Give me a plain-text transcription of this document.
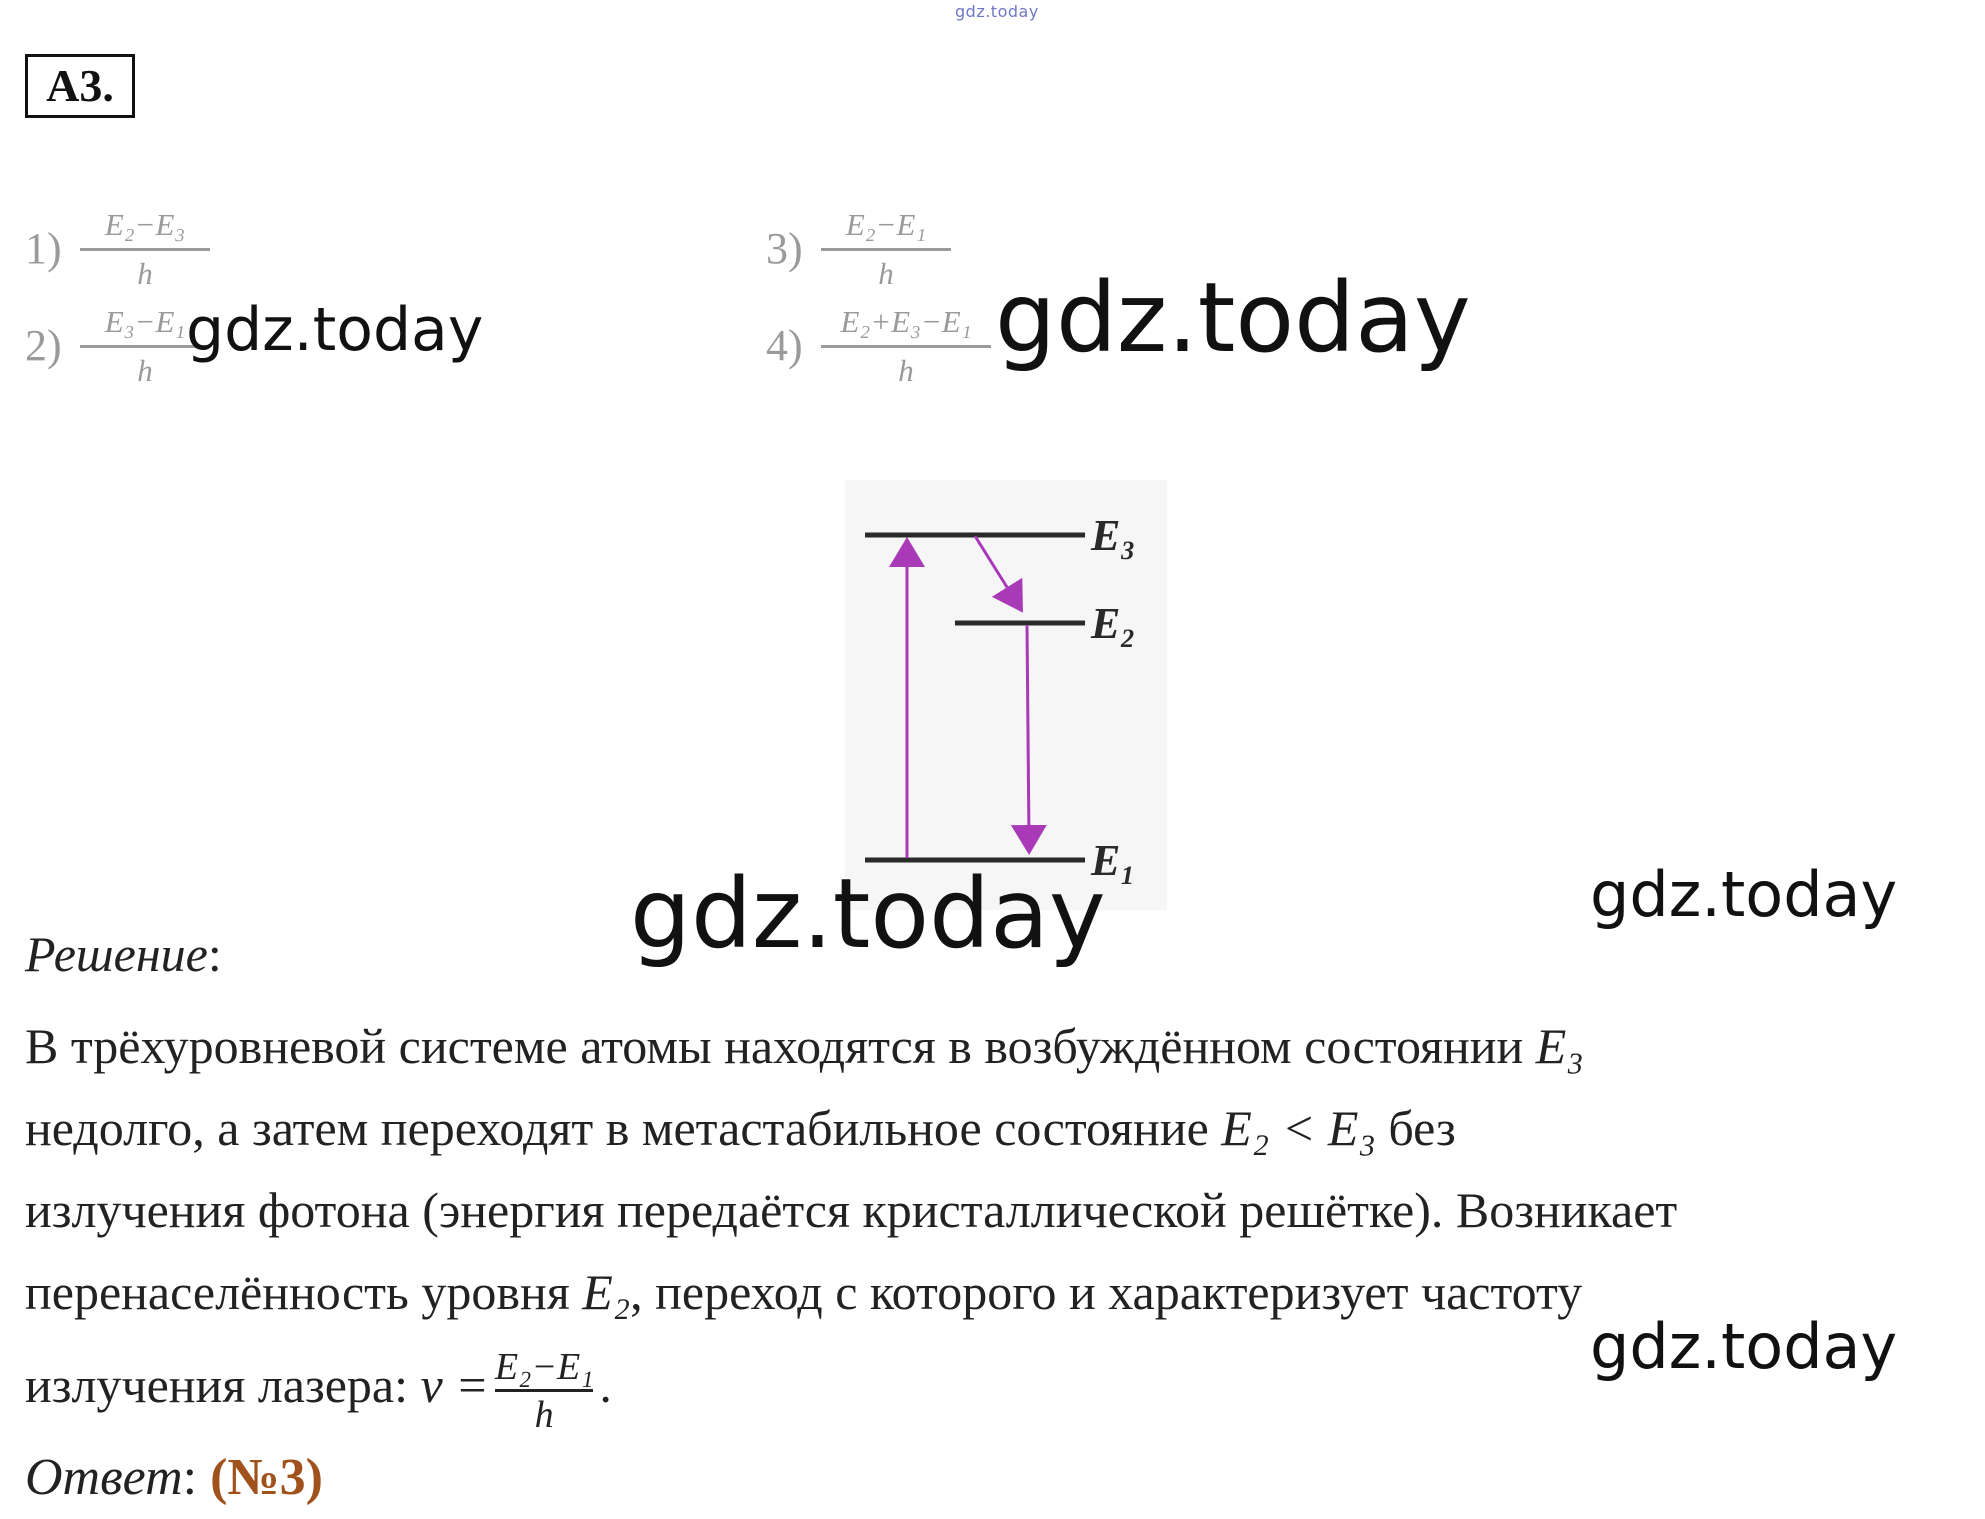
gdz.today
А3.
1)	E₂−E₃
h
2)	E₃−E₁
h
3)	E₂−E₁
h
4)	E₂+E₃−E₁
h
gdz.today	gdz.today
E₃
E₂
E₁
gdz.today	gdz.today
Решение:
В трёхуровневой системе атомы находятся в возбуждённом состоянии E₃
недолго, а затем переходят в метастабильное состояние E₂ < E₃ без
излучения фотона (энергия передаётся кристаллической решётке). Возникает
перенаселённость уровня E₂, переход с которого и характеризует частоту
излучения лазера: $\nu = \frac{\text{E₂−E₁}}{h}$ .
gdz.today
Ответ: (№3)
